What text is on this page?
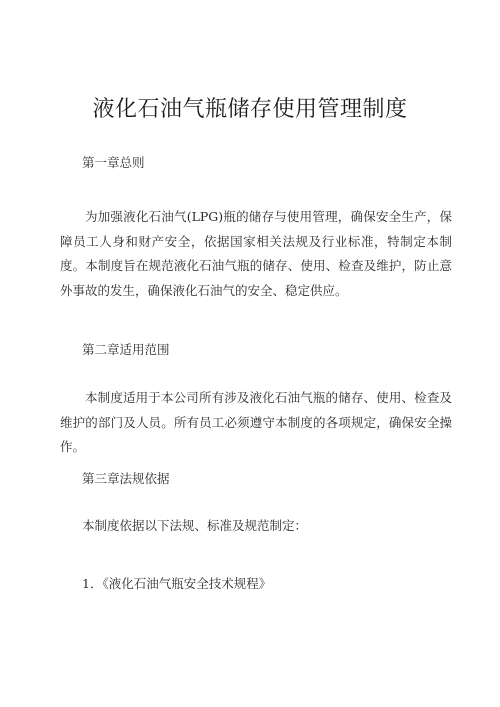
液化石油气瓶储存使用管理制度

第一章总则

为加强液化石油气(LPG)瓶的储存与使用管理，确保安全生产，保障员工人身和财产安全，依据国家相关法规及行业标准，特制定本制度。本制度旨在规范液化石油气瓶的储存、使用、检查及维护，防止意外事故的发生，确保液化石油气的安全、稳定供应。

第二章适用范围

本制度适用于本公司所有涉及液化石油气瓶的储存、使用、检查及维护的部门及人员。所有员工必须遵守本制度的各项规定，确保安全操作。

第三章法规依据

本制度依据以下法规、标准及规范制定：

1．《液化石油气瓶安全技术规程》
